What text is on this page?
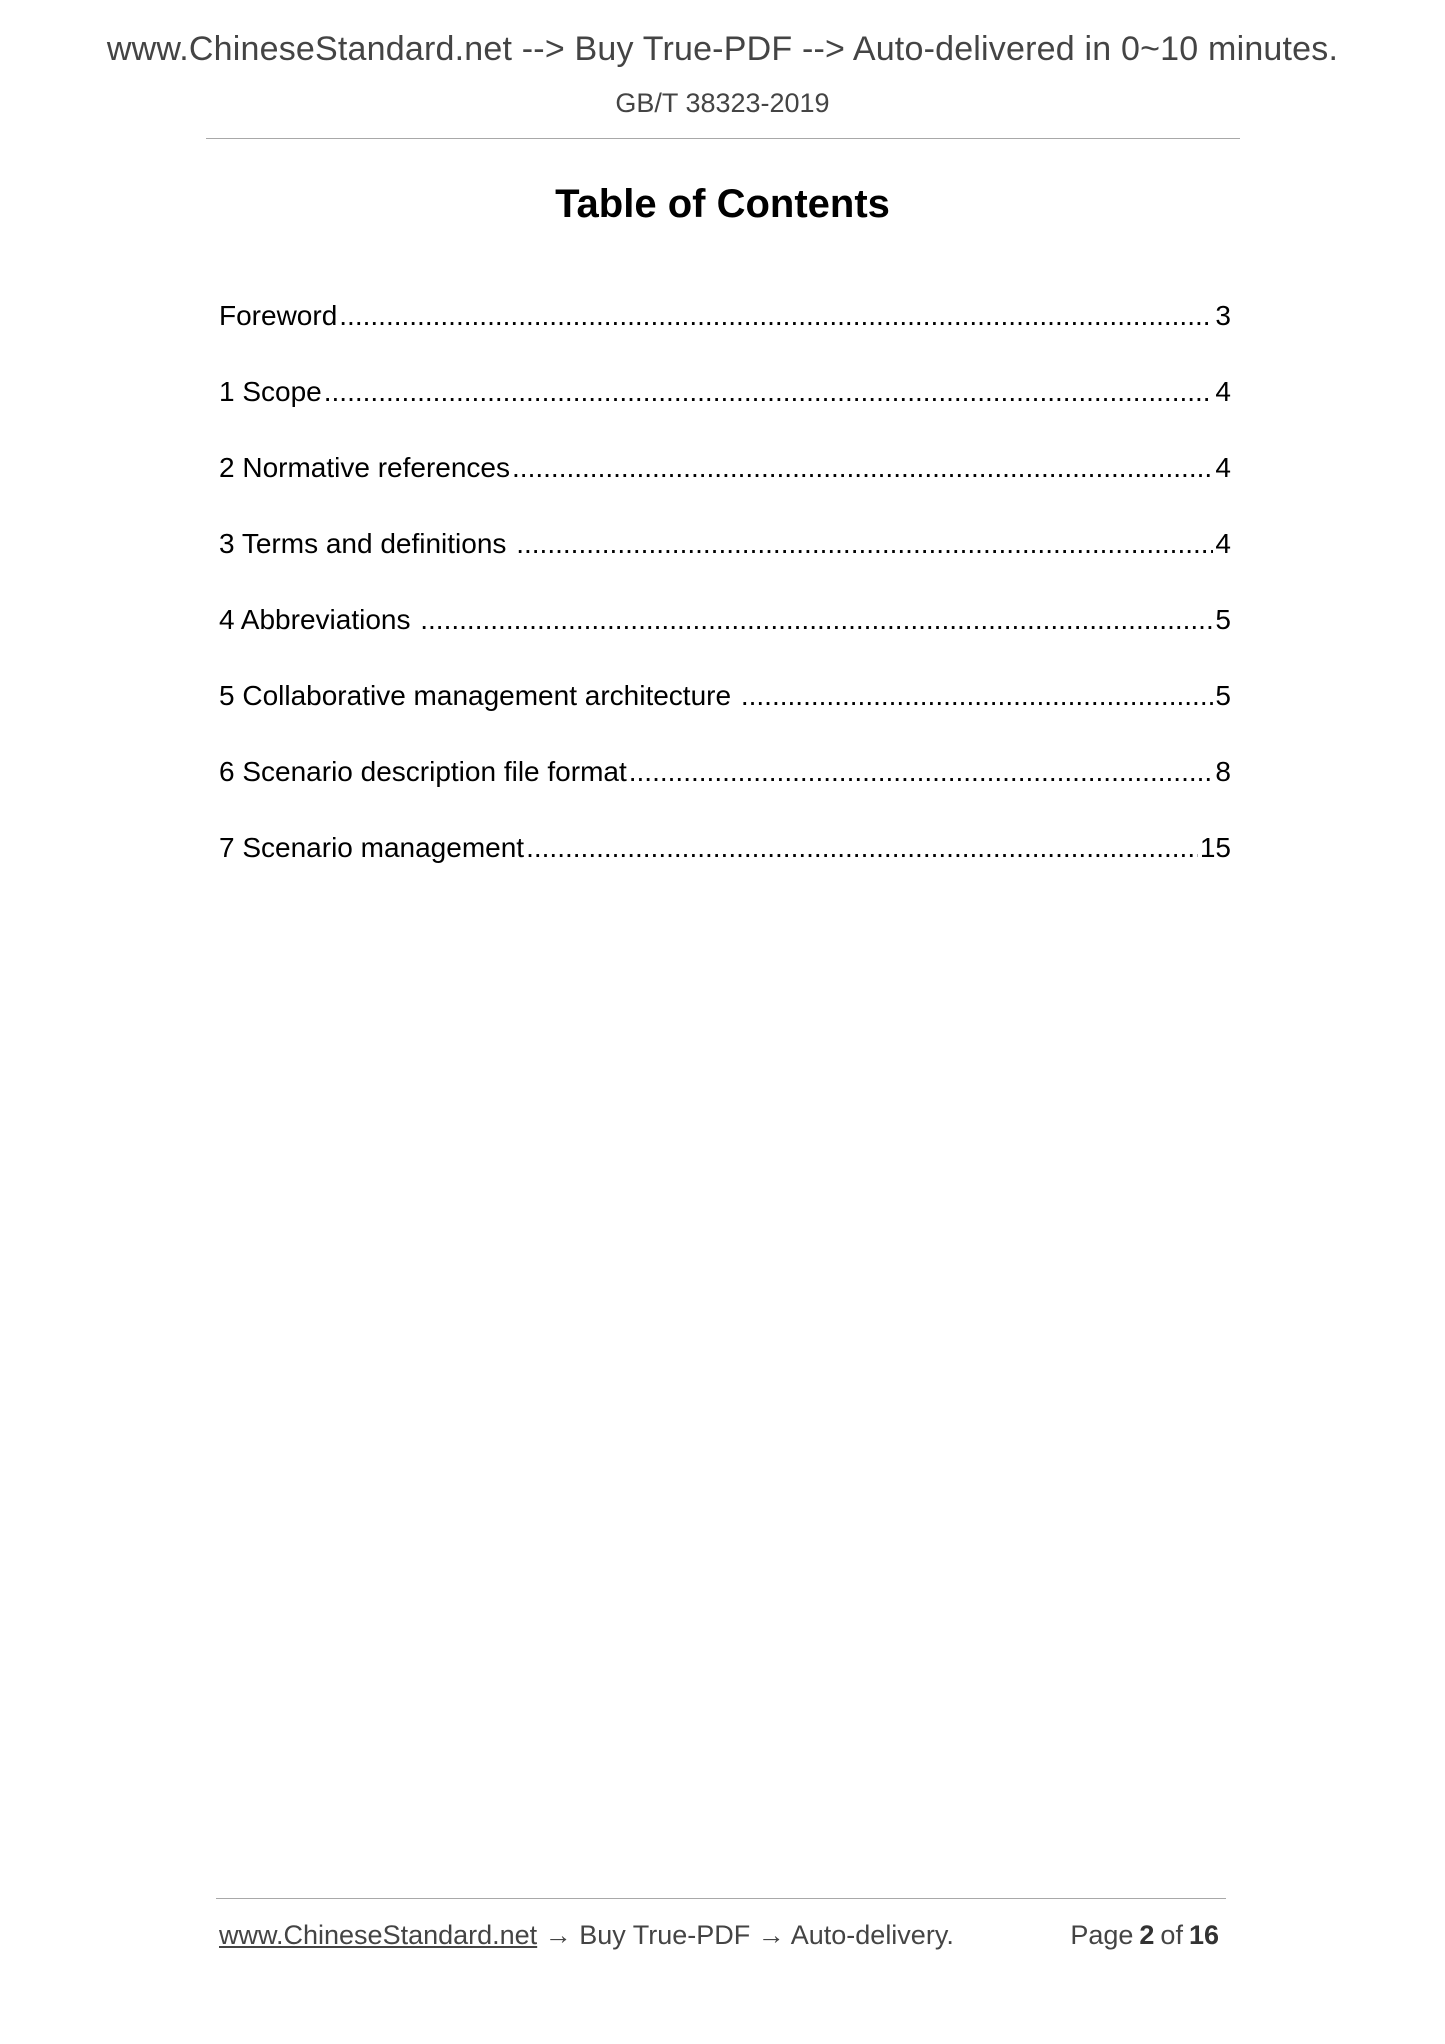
www.ChineseStandard.net --> Buy True-PDF --> Auto-delivered in 0~10 minutes.
GB/T 38323-2019
Table of Contents
Foreword .....	3
1 Scope .....	4
2 Normative references .....	4
3 Terms and definitions .....	4
4 Abbreviations .....	5
5 Collaborative management architecture .....	5
6 Scenario description file format .....	8
7 Scenario management .....	15
www.ChineseStandard.net → Buy True-PDF → Auto-delivery.	Page 2 of 16
